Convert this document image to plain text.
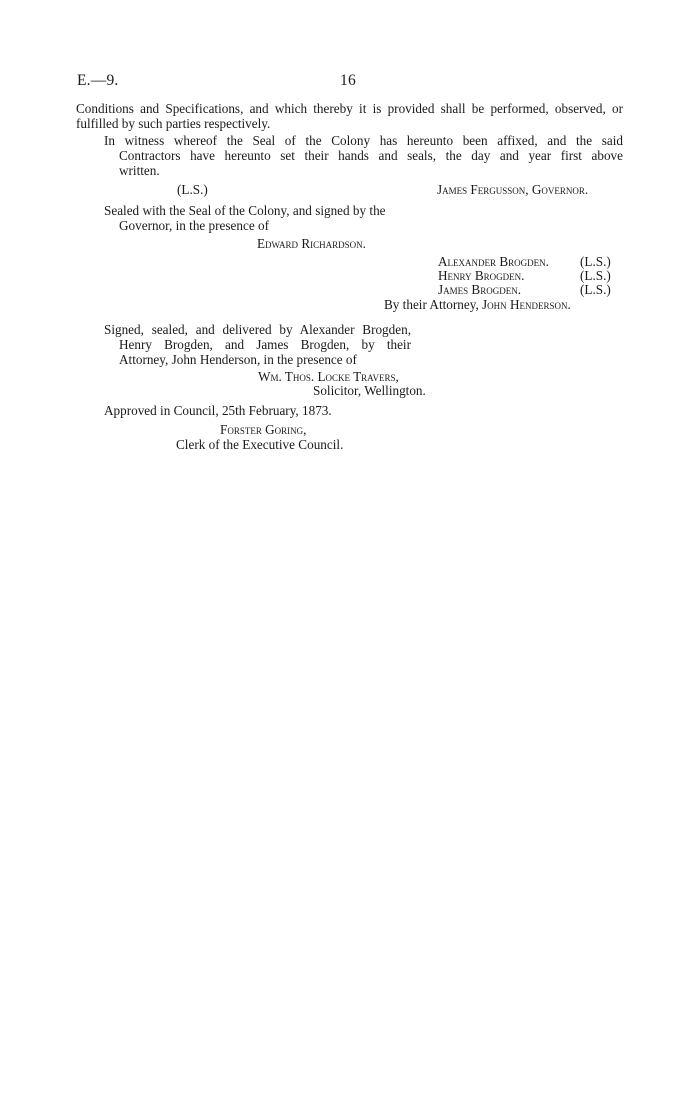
E.—9.	16
Conditions and Specifications, and which thereby it is provided shall be performed, observed, or
fulfilled by such parties respectively.
In witness whereof the Seal of the Colony has hereunto been affixed, and the said
Contractors have hereunto set their hands and seals, the day and year first above
written.
(L.S.)	James Fergusson, Governor.
Sealed with the Seal of the Colony, and signed by the
Governor, in the presence of
Edward Richardson.
Alexander Brogden. (L.S.)
Henry Brogden.	(L.S.)
James Brogden.	(L.S.)
By their Attorney, John Henderson.
Signed, sealed, and delivered by Alexander Brogden,
Henry Brogden, and James Brogden, by their
Attorney, John Henderson, in the presence of
Wm. Thos. Locke Travers,
Solicitor, Wellington.
Approved in Council, 25th February, 1873.
Forster Goring,
Clerk of the Executive Council.
